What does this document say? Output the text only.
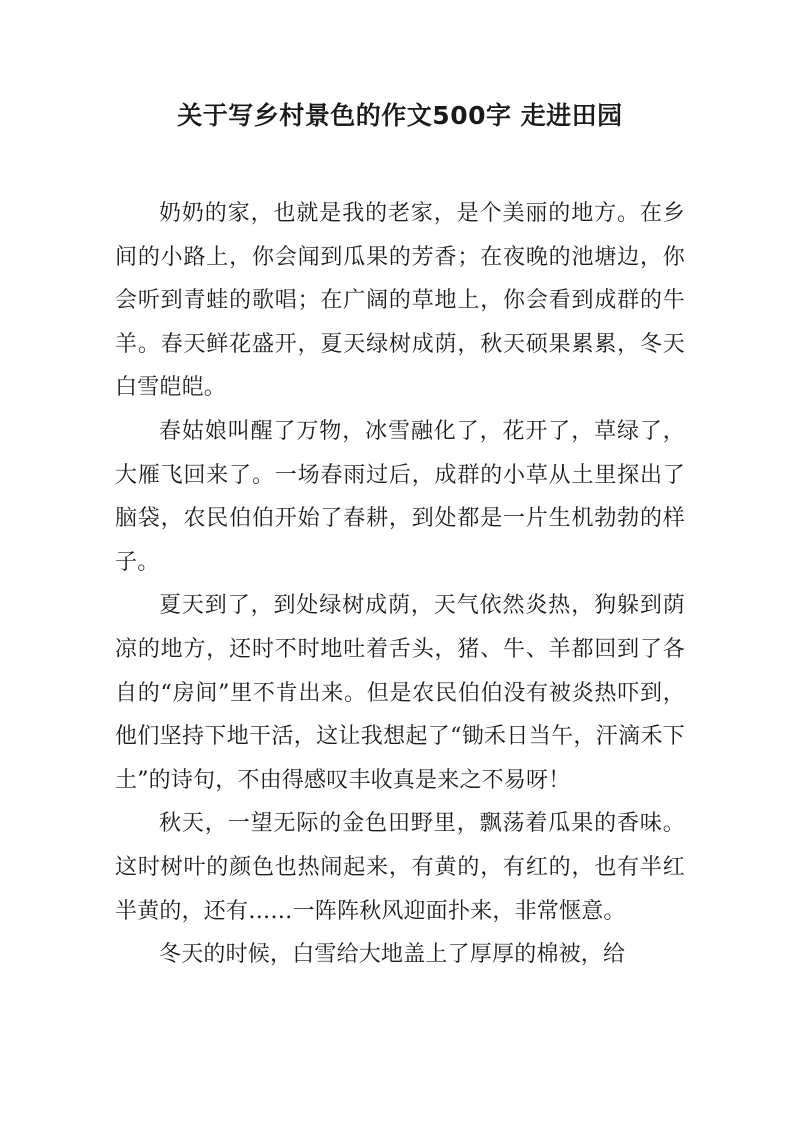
关于写乡村景色的作文500字 走进田园

奶奶的家，也就是我的老家，是个美丽的地方。在乡间的小路上，你会闻到瓜果的芳香；在夜晚的池塘边，你会听到青蛙的歌唱；在广阔的草地上，你会看到成群的牛羊。春天鲜花盛开，夏天绿树成荫，秋天硕果累累，冬天白雪皑皑。

春姑娘叫醒了万物，冰雪融化了，花开了，草绿了，大雁飞回来了。一场春雨过后，成群的小草从土里探出了脑袋，农民伯伯开始了春耕，到处都是一片生机勃勃的样子。

夏天到了，到处绿树成荫，天气依然炎热，狗躲到荫凉的地方，还时不时地吐着舌头，猪、牛、羊都回到了各自的“房间”里不肯出来。但是农民伯伯没有被炎热吓到，他们坚持下地干活，这让我想起了“锄禾日当午，汗滴禾下土”的诗句，不由得感叹丰收真是来之不易呀！

秋天，一望无际的金色田野里，飘荡着瓜果的香味。这时树叶的颜色也热闹起来，有黄的，有红的，也有半红半黄的，还有……一阵阵秋风迎面扑来，非常惬意。

冬天的时候，白雪给大地盖上了厚厚的棉被，给
